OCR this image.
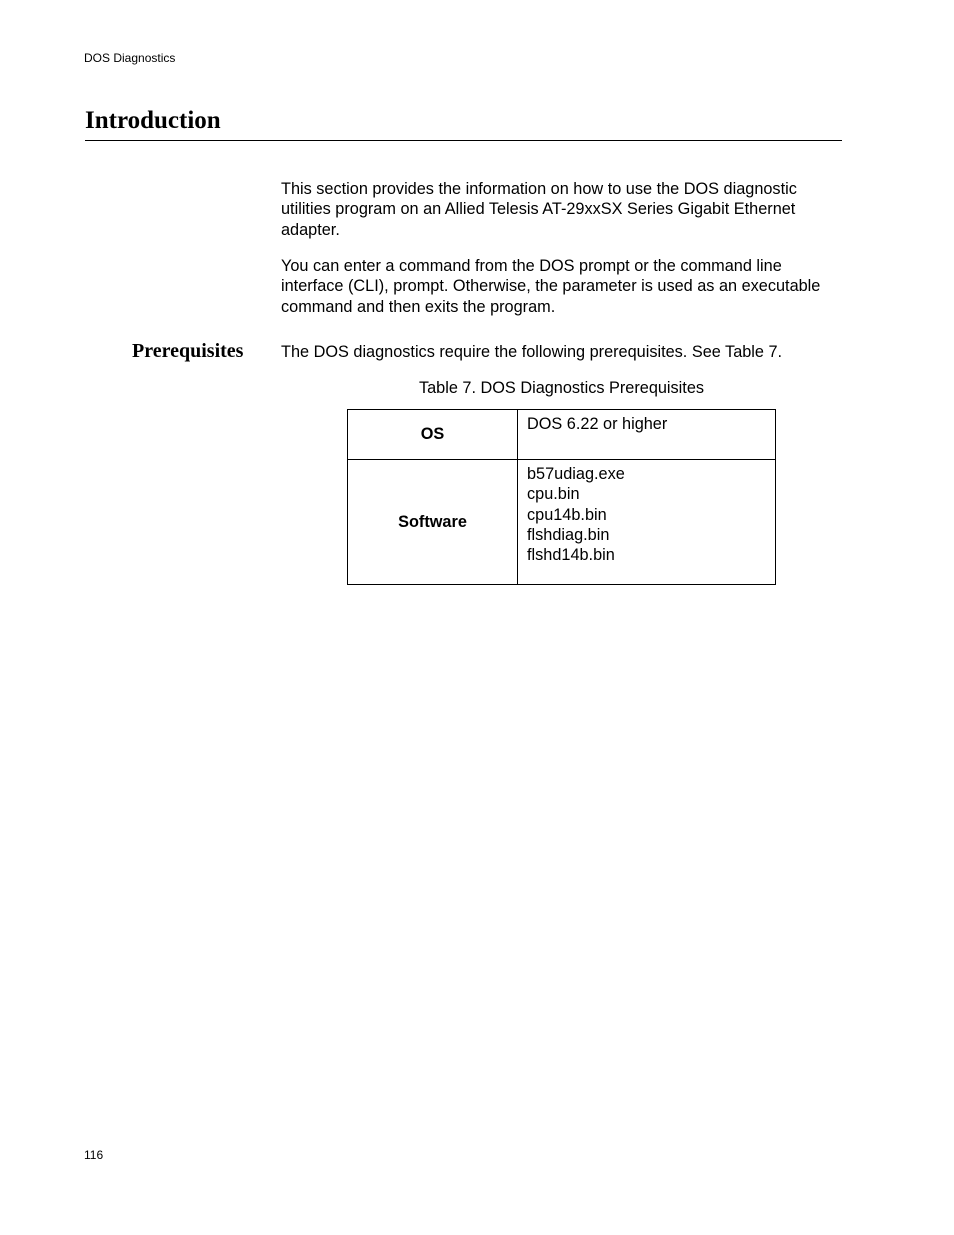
DOS Diagnostics
Introduction

This section provides the information on how to use the DOS diagnostic utilities program on an Allied Telesis AT-29xxSX Series Gigabit Ethernet adapter.

You can enter a command from the DOS prompt or the command line interface (CLI), prompt. Otherwise, the parameter is used as an executable command and then exits the program.

Prerequisites The DOS diagnostics require the following prerequisites. See Table 7.

Table 7. DOS Diagnostics Prerequisites
OS	DOS 6.22 or higher

Software	b57udiag.exe
cpu.bin
cpu14b.bin
flshdiag.bin
flshd14b.bin
116
